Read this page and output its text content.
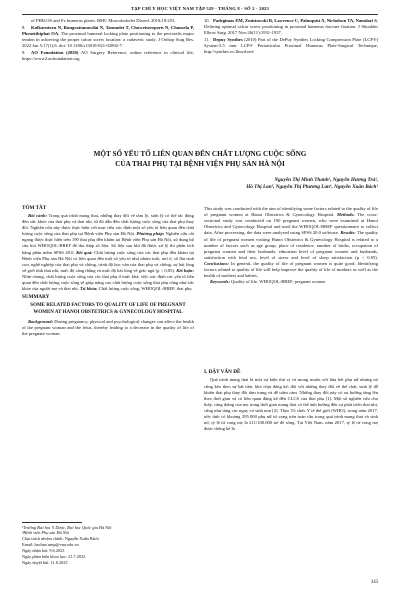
TẠP CHÍ Y HỌC VIỆT NAM TẬP 529 - THÁNG 8 - SỐ 2 - 2023
of PHILOS and Fx humerus plates. BMC Musculoskelet Disord. 2018;19:253.
8. Kulkarntorn N, Rungrattanawilai N, Tanundet T, Chuwetsereporn N, Chansela P, Phruetthiphat OA. The proximal humeral locking plate positioning to the pectoralis major tendon in achieving the proper calcar screw location: a cadaveric study. J Orthop Surg Res. 2022 Jan 5;17(1):6. doi: 10.1186/s13018-021-02892-7.
9. AO Foundation (2020) AO Surgery Reference, online reference in clinical life, https://www2.aofoundation.org
10. Padegimas EM, Zmistowski B, Lawrence C, Palmquist A, Nicholson TA, Namdari S. Defining optimal calcar screw positioning in proximal humerus fracture fixation. J Shoulder Elbow Surg. 2017 Nov;26(11):1931-1937.
11. Depuy Synthes (2010) Part of the DePuy Synthes Locking Compression Plate (LCP®) System-3.5 mm LCP® Periarticular Proximal Humerus Plate-Surgical Technique, http://synthes.vo.llnwd.net/
MỘT SỐ YẾU TỐ LIÊN QUAN ĐẾN CHẤT LƯỢNG CUỘC SỐNG
CỦA THAI PHỤ TẠI BỆNH VIỆN PHỤ SẢN HÀ NỘI
Nguyễn Thị Minh Thanh¹, Nguyễn Hương Trà²,
Hồ Thị Lan¹, Nguyễn Thị Phương Lan¹, Nguyễn Xuân Bách¹
TÓM TẮT
Bối cảnh: Trong quá trình mang thai, những thay đổi về tâm lý, sinh lý có thể tác động đến sức khỏe của thai phụ và thai nhi, từ đó dẫn đến chất lượng cuộc sống của thai phụ thay đổi. Nghiên cứu này được thực hiện với mục tiêu xác định một số yếu tố liên quan đến chất lượng cuộc sống của thai phụ tại Bệnh viện Phụ sản Hà Nội. Phương pháp: Nghiên cứu cắt ngang được thực hiện trên 190 thai phụ đến khám tại Bệnh viện Phụ sản Hà Nội, sử dụng bộ câu hỏi WHOQOL-BREF để thu thập số liệu. Số liệu sau khi đã được xử lý thì phân tích bằng phần mềm SPSS 20.0. Kết quả: Chất lượng cuộc sống của các thai phụ đến khám tại Bệnh viện Phụ sản Hà Nội có liên quan đến một số yếu tố như nhóm tuổi, nơi ở, số lần sinh con, nghề nghiệp của thai phụ và chồng, trình độ học vấn của thai phụ và chồng, sự hài lòng về giới tính thai nhi, mức độ căng thẳng và mức độ hài lòng về giấc ngủ (p < 0,05). Kết luận: Nhìn chung, chất lượng cuộc sống của các thai phụ ở mức khá; việc xác định các yếu tố liên quan đến chất lượng cuộc sống sẽ giúp nâng cao chất lượng cuộc sống thai phụ cũng như sức khỏe của người mẹ và thai nhi. Từ khóa: Chất lượng cuộc sống, WHOQOL-BREF, thai phụ
SUMMARY
SOME RELATED FACTORS TO QUALITY OF LIFE OF PREGNANT WOMEN AT HANOI OBSTETRICS & GYNECOLOGY HOSPITAL
Background: During pregnancy, physical and psychological changes can affect the health of the pregnant woman and the fetus, thereby leading to a decrease in the quality of life of the pregnant woman.
¹Trường Đại học Y Dược, Đại học Quốc gia Hà Nội
²Bệnh viện Phụ sản Hà Nội
Chịu trách nhiệm chính: Nguyễn Xuân Bách
Email: bachnx.ump@vnu.edu.vn
Ngày nhận bài: 9.6.2023
Ngày phản biện khoa học: 21.7.2023
Ngày duyệt bài: 11.8.2023
This study was conducted with the aim of identifying some factors related to the quality of life of pregnant women at Hanoi Obstetrics & Gynecology Hospital. Methods: The cross-sectional study was conducted on 190 pregnant women, who were examined at Hanoi Obstetrics and Gynecology Hospital and used the WHOQOL-BREF questionnaire to collect data. After processing, the data were analyzed using SPSS 20.0 software. Results: The quality of life of pregnant women visiting Hanoi Obstetrics & Gynecology Hospital is related to a number of factors such as age group, place of residence, number of births, occupation of pregnant women and their husbands, education level of pregnant women and husbands, satisfaction with fetal sex, level of stress and level of sleep satisfaction (p < 0.05). Conclusions: In general, the quality of life of pregnant women is quite good; Identifying factors related to quality of life will help improve the quality of life of mothers as well as the health of mothers and babies.
Keywords: Quality of life, WHOQOL-BREF, pregnant women
I. ĐẶT VẤN ĐỀ
Quá trình mang thai là một sự kiện thú vị và mong muốn với hầu hết phụ nữ nhưng nó cũng kéo theo sự bất tiện, khó chịu đáng kể; đối với những thay đổi về thể chất, sinh lý dễ khiến thai phụ thay đổi tâm trạng và dễ trầm cảm. Những thay đổi này có xu hướng tăng lên theo thời gian và có liên quan đáng kể đến CLCS của thai phụ [1]. Một số nghiên cứu cho thấy, căng thẳng của mẹ trong thời gian mang thai có thể ảnh hưởng đến sự phát triển thai nhi, cũng như tăng các nguy cơ sinh non [2]. Theo Tổ chức Y tế thế giới (WHO), trong năm 2017, ước tính có khoảng 295.000 phụ nữ tử vong trên toàn cầu trong quá trình mang thai và sinh nở, tỷ lệ tử vong mẹ là 211/100.000 trẻ đẻ sống. Tại Việt Nam, năm 2017, tỷ lệ tử vong mẹ được thống kê là
343
